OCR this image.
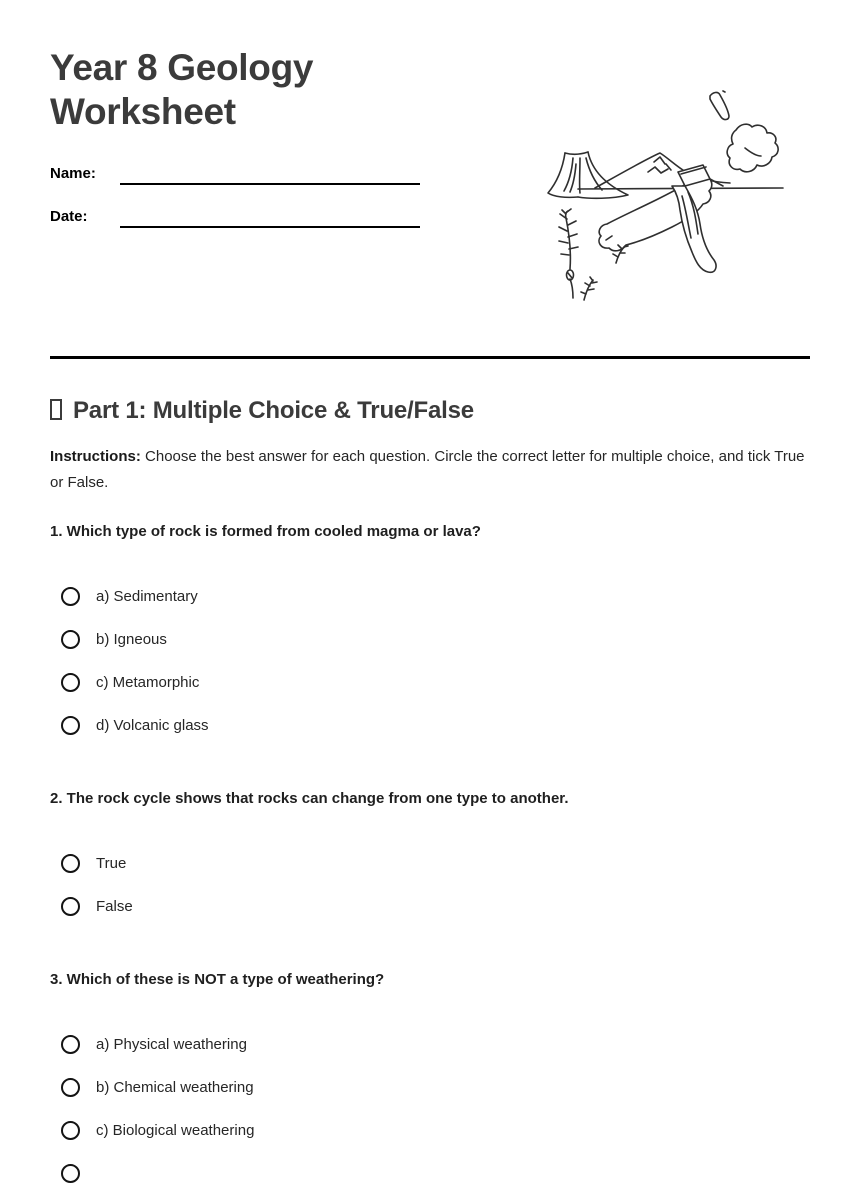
Year 8 Geology Worksheet
Name:
Date:
Part 1: Multiple Choice & True/False

Instructions: Choose the best answer for each question. Circle the correct letter for multiple choice, and tick True or False.

1. Which type of rock is formed from cooled magma or lava?
a) Sedimentary
b) Igneous
c) Metamorphic
d) Volcanic glass
2. The rock cycle shows that rocks can change from one type to another.
True
False
3. Which of these is NOT a type of weathering?
a) Physical weathering
b) Chemical weathering
c) Biological weathering
